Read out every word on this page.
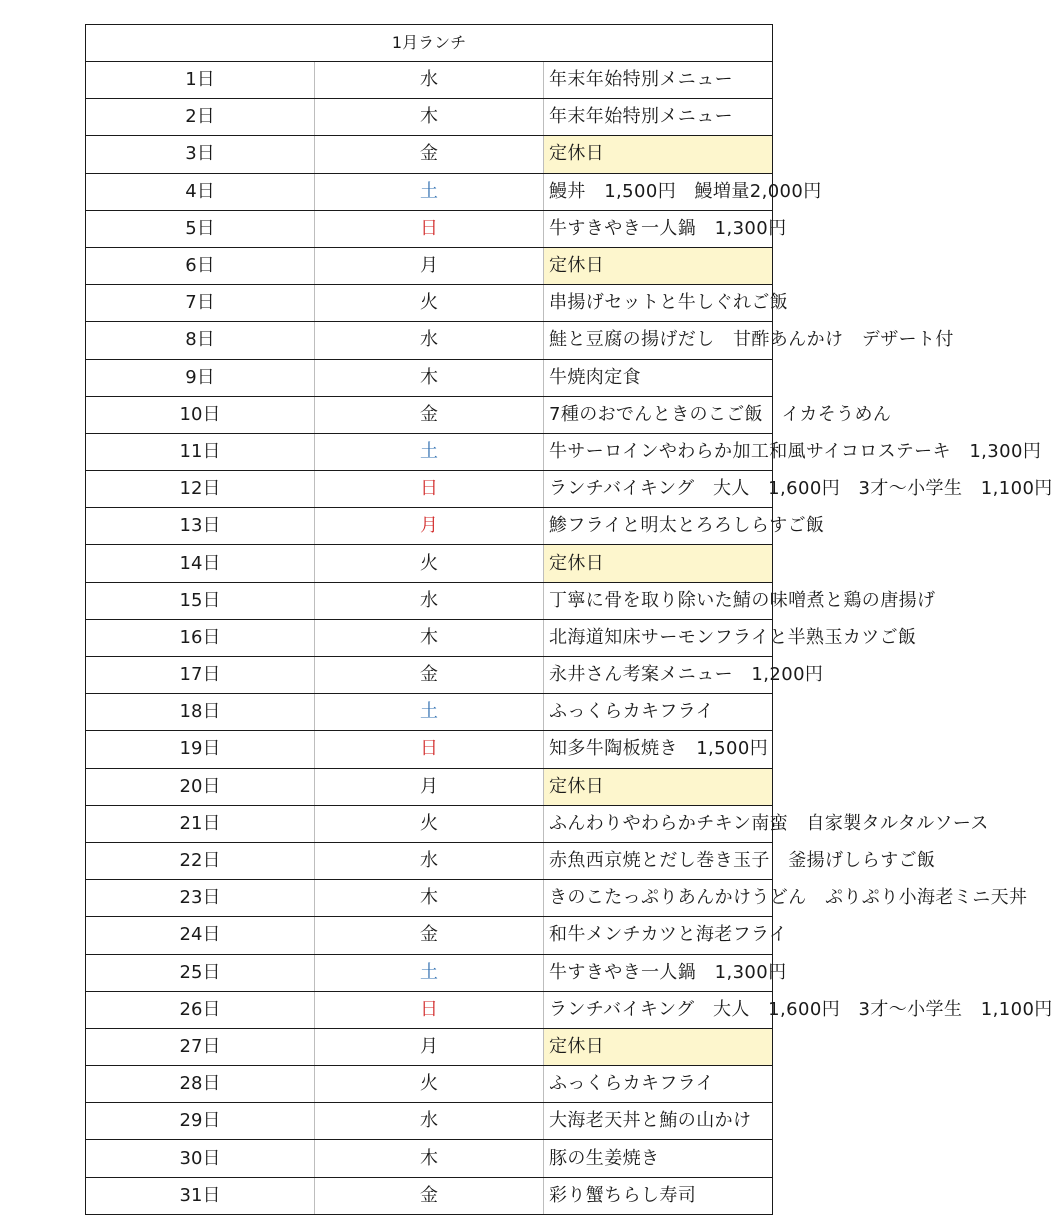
1月ランチ		
1日	水	年末年始特別メニュー
2日	木	年末年始特別メニュー
3日	金	定休日
4日	土	鰻丼　1,500円　鰻増量2,000円
5日	日	牛すきやき一人鍋　1,300円
6日	月	定休日
7日	火	串揚げセットと牛しぐれご飯
8日	水	鮭と豆腐の揚げだし　甘酢あんかけ　デザート付
9日	木	牛焼肉定食
10日	金	7種のおでんときのこご飯　イカそうめん
11日	土	牛サーロインやわらか加工和風サイコロステーキ　1,300円
12日	日	ランチバイキング　大人　1,600円　3才～小学生　1,100円
13日	月	鯵フライと明太とろろしらすご飯
14日	火	定休日
15日	水	丁寧に骨を取り除いた鯖の味噌煮と鶏の唐揚げ
16日	木	北海道知床サーモンフライと半熟玉カツご飯
17日	金	永井さん考案メニュー　1,200円
18日	土	ふっくらカキフライ
19日	日	知多牛陶板焼き　1,500円
20日	月	定休日
21日	火	ふんわりやわらかチキン南蛮　自家製タルタルソース
22日	水	赤魚西京焼とだし巻き玉子　釜揚げしらすご飯
23日	木	きのこたっぷりあんかけうどん　ぷりぷり小海老ミニ天丼
24日	金	和牛メンチカツと海老フライ
25日	土	牛すきやき一人鍋　1,300円
26日	日	ランチバイキング　大人　1,600円　3才～小学生　1,100円
27日	月	定休日
28日	火	ふっくらカキフライ
29日	水	大海老天丼と鮪の山かけ
30日	木	豚の生姜焼き
31日	金	彩り蟹ちらし寿司
